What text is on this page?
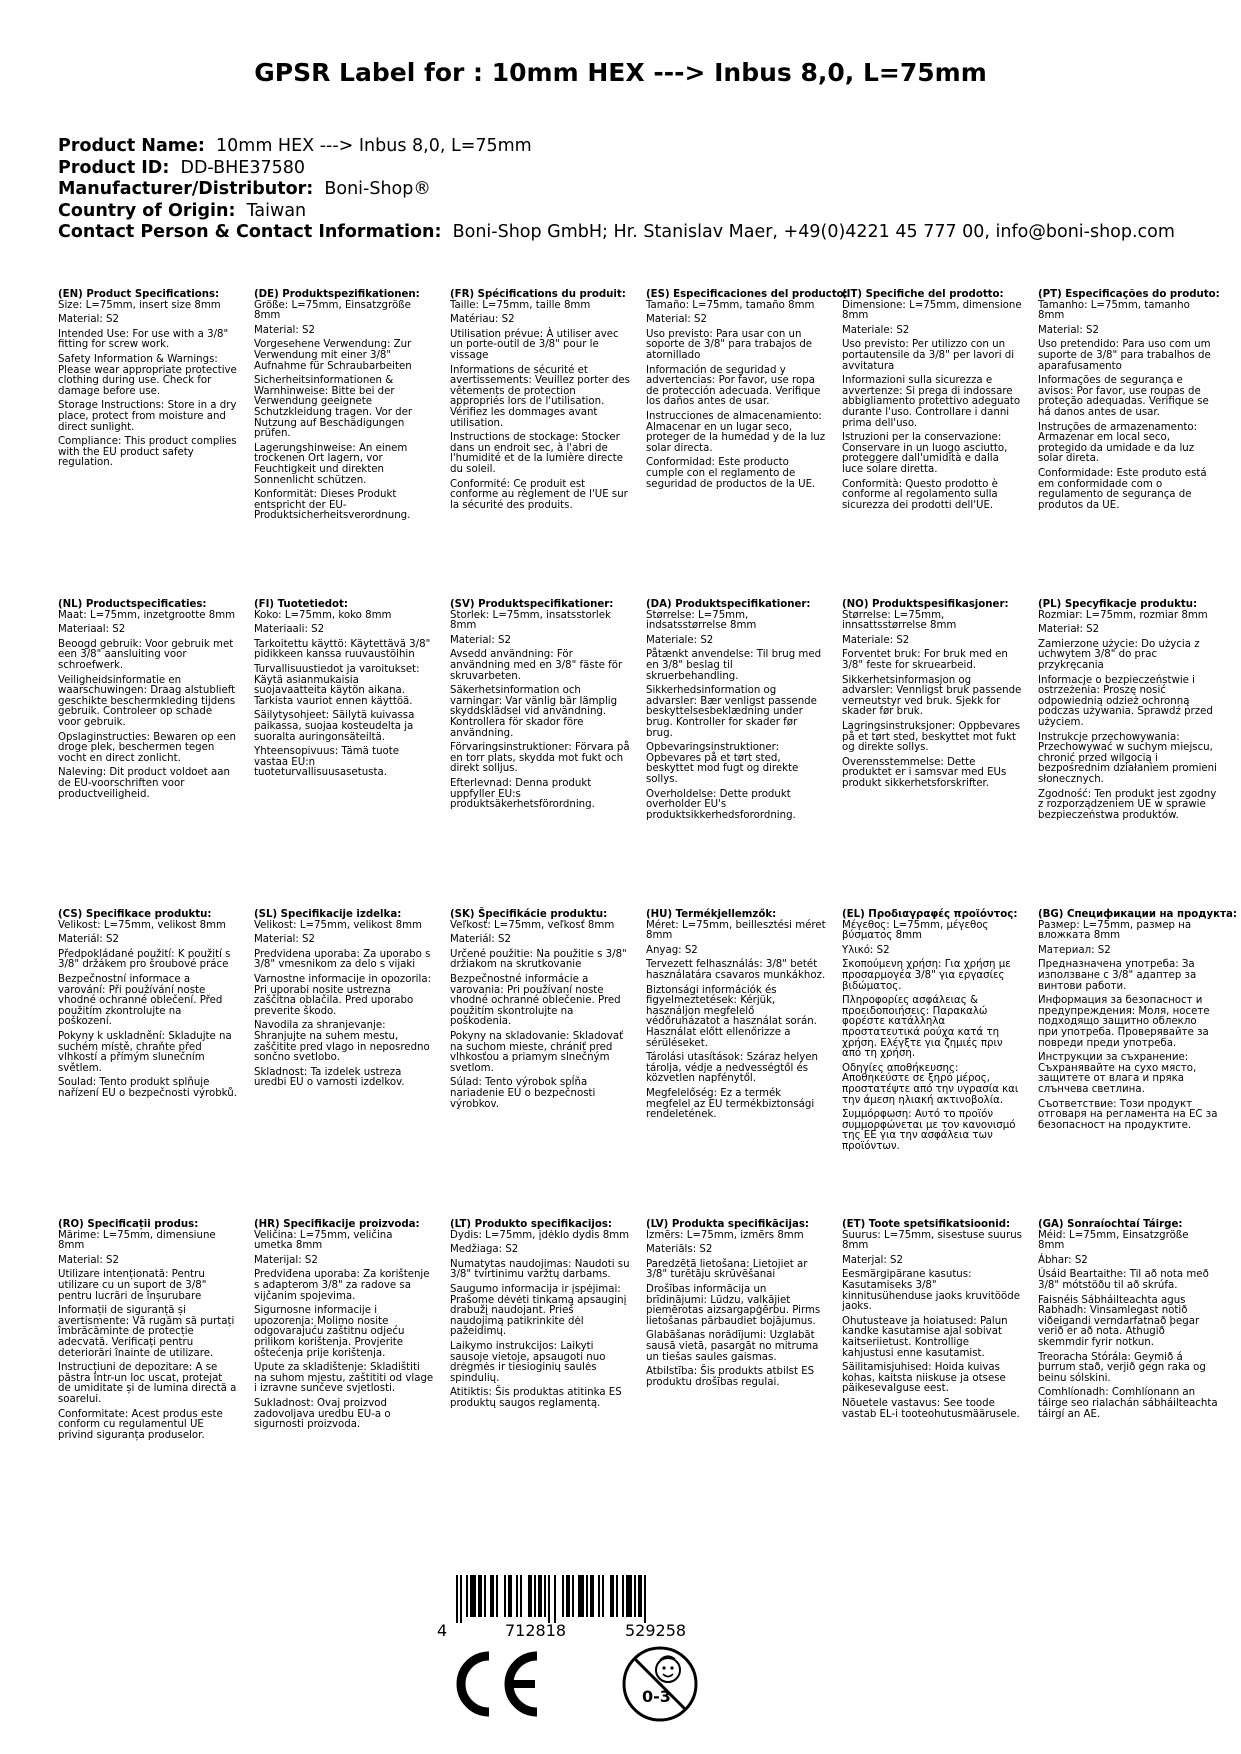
GPSR Label for : 10mm HEX ---> Inbus 8,0, L=75mm
Product Name: 10mm HEX ---> Inbus 8,0, L=75mm
Product ID: DD-BHE37580
Manufacturer/Distributor: Boni-Shop®
Country of Origin: Taiwan
Contact Person & Contact Information: Boni-Shop GmbH; Hr. Stanislav Maer, +49(0)4221 45 777 00, info@boni-shop.com
(EN) Product Specifications:
Size: L=75mm, insert size 8mm
Material: S2
Intended Use: For use with a 3/8" fitting for screw work.
Safety Information & Warnings: Please wear appropriate protective clothing during use. Check for damage before use.
Storage Instructions: Store in a dry place, protect from moisture and direct sunlight.
Compliance: This product complies with the EU product safety regulation.
(DE) Produktspezifikationen:
Größe: L=75mm, Einsatzgröße 8mm
Material: S2
Vorgesehene Verwendung: Zur Verwendung mit einer 3/8" Aufnahme für Schraubarbeiten
Sicherheitsinformationen & Warnhinweise: Bitte bei der Verwendung geeignete Schutzkleidung tragen. Vor der Nutzung auf Beschädigungen prüfen.
Lagerungshinweise: An einem trockenen Ort lagern, vor Feuchtigkeit und direkten Sonnenlicht schützen.
Konformität: Dieses Produkt entspricht der EU-Produktsicherheitsverordnung.
(FR) Spécifications du produit:
Taille: L=75mm, taille 8mm
Matériau: S2
Utilisation prévue: À utiliser avec un porte-outil de 3/8" pour le vissage
Informations de sécurité et avertissements: Veuillez porter des vêtements de protection appropriés lors de l'utilisation. Vérifiez les dommages avant utilisation.
Instructions de stockage: Stocker dans un endroit sec, à l'abri de l'humidité et de la lumière directe du soleil.
Conformité: Ce produit est conforme au règlement de l'UE sur la sécurité des produits.
(ES) Especificaciones del producto:
Tamaño: L=75mm, tamaño 8mm
Material: S2
Uso previsto: Para usar con un soporte de 3/8" para trabajos de atornillado
Información de seguridad y advertencias: Por favor, use ropa de protección adecuada. Verifique los daños antes de usar.
Instrucciones de almacenamiento: Almacenar en un lugar seco, proteger de la humedad y de la luz solar directa.
Conformidad: Este producto cumple con el reglamento de seguridad de productos de la UE.
(IT) Specifiche del prodotto:
Dimensione: L=75mm, dimensione 8mm
Materiale: S2
Uso previsto: Per utilizzo con un portautensile da 3/8" per lavori di avvitatura
Informazioni sulla sicurezza e avvertenze: Si prega di indossare abbigliamento protettivo adeguato durante l'uso. Controllare i danni prima dell'uso.
Istruzioni per la conservazione: Conservare in un luogo asciutto, proteggere dall'umidità e dalla luce solare diretta.
Conformità: Questo prodotto è conforme al regolamento sulla sicurezza dei prodotti dell'UE.
(PT) Especificações do produto:
Tamanho: L=75mm, tamanho 8mm
Material: S2
Uso pretendido: Para uso com um suporte de 3/8" para trabalhos de aparafusamento
Informações de segurança e avisos: Por favor, use roupas de proteção adequadas. Verifique se há danos antes de usar.
Instruções de armazenamento: Armazenar em local seco, protegido da umidade e da luz solar direta.
Conformidade: Este produto está em conformidade com o regulamento de segurança de produtos da UE.
(NL) Productspecificaties:
Maat: L=75mm, inzetgrootte 8mm
Materiaal: S2
Beoogd gebruik: Voor gebruik met een 3/8" aansluiting voor schroefwerk.
Veiligheidsinformatie en waarschuwingen: Draag alstublieft geschikte beschermkleding tijdens gebruik. Controleer op schade voor gebruik.
Opslaginstructies: Bewaren op een droge plek, beschermen tegen vocht en direct zonlicht.
Naleving: Dit product voldoet aan de EU-voorschriften voor productveiligheid.
(FI) Tuotetiedot:
Koko: L=75mm, koko 8mm
Materiaali: S2
Tarkoitettu käyttö: Käytettävä 3/8" pidikkeen kanssa ruuvaustöihin
Turvallisuustiedot ja varoitukset: Käytä asianmukaisia suojavaatteita käytön aikana. Tarkista vauriot ennen käyttöä.
Säilytysohjeet: Säilytä kuivassa paikassa, suojaa kosteudelta ja suoralta auringonsäteiltä.
Yhteensopivuus: Tämä tuote vastaa EU:n tuoteturvallisuusasetusta.
(SV) Produktspecifikationer:
Storlek: L=75mm, insatsstorlek 8mm
Material: S2
Avsedd användning: För användning med en 3/8" fäste för skruvarbeten.
Säkerhetsinformation och varningar: Var vänlig bär lämplig skyddsklädsel vid användning. Kontrollera för skador före användning.
Förvaringsinstruktioner: Förvara på en torr plats, skydda mot fukt och direkt solljus.
Efterlevnad: Denna produkt uppfyller EU:s produktsäkerhetsförordning.
(DA) Produktspecifikationer:
Størrelse: L=75mm, indsatsstørrelse 8mm
Materiale: S2
Påtænkt anvendelse: Til brug med en 3/8" beslag til skruerbehandling.
Sikkerhedsinformation og advarsler: Bær venligst passende beskyttelsesbeklædning under brug. Kontroller for skader før brug.
Opbevaringsinstruktioner: Opbevares på et tørt sted, beskyttet mod fugt og direkte sollys.
Overholdelse: Dette produkt overholder EU's produktsikkerhedsforordning.
(NO) Produktspesifikasjoner:
Størrelse: L=75mm, innsattsstørrelse 8mm
Materiale: S2
Forventet bruk: For bruk med en 3/8" feste for skruearbeid.
Sikkerhetsinformasjon og advarsler: Vennligst bruk passende verneutstyr ved bruk. Sjekk for skader før bruk.
Lagringsinstruksjoner: Oppbevares på et tørt sted, beskyttet mot fukt og direkte sollys.
Overensstemmelse: Dette produktet er i samsvar med EUs produkt sikkerhetsforskrifter.
(PL) Specyfikacje produktu:
Rozmiar: L=75mm, rozmiar 8mm
Materiał: S2
Zamierzone użycie: Do użycia z uchwytem 3/8" do prac przykręcania
Informacje o bezpieczeństwie i ostrzeżenia: Proszę nosić odpowiednią odzież ochronną podczas używania. Sprawdź przed użyciem.
Instrukcje przechowywania: Przechowywać w suchym miejscu, chronić przed wilgocią i bezpośrednim działaniem promieni słonecznych.
Zgodność: Ten produkt jest zgodny z rozporządzeniem UE w sprawie bezpieczeństwa produktów.
(CS) Specifikace produktu:
Velikost: L=75mm, velikost 8mm
Materiál: S2
Předpokládané použití: K použití s 3/8" držákem pro šroubové práce
Bezpečnostní informace a varování: Při používání noste vhodné ochranné oblečení. Před použitím zkontrolujte na poškození.
Pokyny k uskladnění: Skladujte na suchém místě, chraňte před vlhkostí a přímým slunečním světlem.
Soulad: Tento produkt splňuje nařízení EU o bezpečnosti výrobků.
(SL) Specifikacije izdelka:
Velikost: L=75mm, velikost 8mm
Material: S2
Predvidena uporaba: Za uporabo s 3/8" vmesnikom za delo s vijaki
Varnostne informacije in opozorila: Pri uporabi nosite ustrezna zaščitna oblačila. Pred uporabo preverite škodo.
Navodila za shranjevanje: Shranjujte na suhem mestu, zaščitite pred vlago in neposredno sončno svetlobo.
Skladnost: Ta izdelek ustreza uredbi EU o varnosti izdelkov.
(SK) Špecifikácie produktu:
Veľkosť: L=75mm, veľkosť 8mm
Materiál: S2
Určené použitie: Na použitie s 3/8" držiakom na skrutkovanie
Bezpečnostné informácie a varovania: Pri používaní noste vhodné ochranné oblečenie. Pred použitím skontrolujte na poškodenia.
Pokyny na skladovanie: Skladovať na suchom mieste, chrániť pred vlhkosťou a priamym slnečným svetlom.
Súlad: Tento výrobok spĺňa nariadenie EÚ o bezpečnosti výrobkov.
(HU) Termékjellemzők:
Méret: L=75mm, beillesztési méret 8mm
Anyag: S2
Tervezett felhasználás: 3/8" betét használatára csavaros munkákhoz.
Biztonsági információk és figyelmeztetések: Kérjük, használjon megfelelő védőruházatot a használat során. Használat előtt ellenőrizze a sérüléseket.
Tárolási utasítások: Száraz helyen tárolja, védje a nedvességtől és közvetlen napfénytől.
Megfelelőség: Ez a termék megfelel az EU termékbiztonsági rendeletének.
(EL) Προδιαγραφές προϊόντος:
Μέγεθος: L=75mm, μέγεθος βύσματος 8mm
Υλικό: S2
Σκοπούμενη χρήση: Για χρήση με προσαρμογέα 3/8" για εργασίες βιδώματος.
Πληροφορίες ασφάλειας & προειδοποιήσεις: Παρακαλώ φορέστε κατάλληλα προστατευτικά ρούχα κατά τη χρήση. Ελέγξτε για ζημιές πριν από τη χρήση.
Οδηγίες αποθήκευσης: Αποθηκεύστε σε ξηρό μέρος, προστατέψτε από την υγρασία και την άμεση ηλιακή ακτινοβολία.
Συμμόρφωση: Αυτό το προϊόν συμμορφώνεται με τον κανονισμό της ΕΕ για την ασφάλεια των προϊόντων.
(BG) Спецификации на продукта:
Размер: L=75mm, размер на вложката 8mm
Материал: S2
Предназначена употреба: За използване с 3/8" адаптер за винтови работи.
Информация за безопасност и предупреждения: Моля, носете подходящо защитно облекло при употреба. Проверявайте за повреди преди употреба.
Инструкции за съхранение: Съхранявайте на сухо място, защитете от влага и пряка слънчева светлина.
Съответствие: Този продукт отговаря на регламента на ЕС за безопасност на продуктите.
(RO) Specificații produs:
Mărime: L=75mm, dimensiune 8mm
Material: S2
Utilizare intenționată: Pentru utilizare cu un suport de 3/8" pentru lucrări de înșurubare
Informații de siguranță și avertismente: Vă rugăm să purtați îmbrăcăminte de protecție adecvată. Verificați pentru deteriorări înainte de utilizare.
Instrucțiuni de depozitare: A se păstra într-un loc uscat, protejat de umiditate și de lumina directă a soarelui.
Conformitate: Acest produs este conform cu regulamentul UE privind siguranța produselor.
(HR) Specifikacije proizvoda:
Veličina: L=75mm, veličina umetka 8mm
Materijal: S2
Predviđena uporaba: Za korištenje s adapterom 3/8" za radove sa vijčanim spojevima.
Sigurnosne informacije i upozorenja: Molimo nosite odgovarajuću zaštitnu odjeću prilikom korištenja. Provjerite oštećenja prije korištenja.
Upute za skladištenje: Skladištiti na suhom mjestu, zaštititi od vlage i izravne sunčeve svjetlosti.
Sukladnost: Ovaj proizvod zadovoljava uredbu EU-a o sigurnosti proizvoda.
(LT) Produkto specifikacijos:
Dydis: L=75mm, įdėklo dydis 8mm
Medžiaga: S2
Numatytas naudojimas: Naudoti su 3/8" tvirtinimu varžtų darbams.
Saugumo informacija ir įspėjimai: Prašome dėvėti tinkamą apsauginį drabužį naudojant. Prieš naudojimą patikrinkite dėl pažeidimų.
Laikymo instrukcijos: Laikyti sausoje vietoje, apsaugoti nuo drėgmės ir tiesioginių saulės spindulių.
Atitiktis: Šis produktas atitinka ES produktų saugos reglamentą.
(LV) Produkta specifikācijas:
Izmērs: L=75mm, izmērs 8mm
Materiāls: S2
Paredzētā lietošana: Lietojiet ar 3/8" turētāju skrūvēšanai
Drošības informācija un brīdinājumi: Lūdzu, valkājiet piemērotas aizsargapģērbu. Pirms lietošanas pārbaudiet bojājumus.
Glabāšanas norādījumi: Uzglabāt sausā vietā, pasargāt no mitruma un tiešas saules gaismas.
Atbilstība: Šis produkts atbilst ES produktu drošības regulai.
(ET) Toote spetsifikatsioonid:
Suurus: L=75mm, sisestuse suurus 8mm
Materjal: S2
Eesmärgipärane kasutus: Kasutamiseks 3/8" kinnitusühenduse jaoks kruvitööde jaoks.
Ohutusteave ja hoiatused: Palun kandke kasutamise ajal sobivat kaitseriietust. Kontrollige kahjustusi enne kasutamist.
Säilitamisjuhised: Hoida kuivas kohas, kaitsta niiskuse ja otsese päikesevalguse eest.
Nõuetele vastavus: See toode vastab EL-i tooteohutusmäärusele.
(GA) Sonraíochtaí Táirge:
Méid: L=75mm, Einsatzgröße 8mm
Ábhar: S2
Úsáid Beartaithe: Til að nota með 3/8" mótstöðu til að skrúfa.
Faisnéis Sábháilteachta agus Rabhadh: Vinsamlegast notið viðeigandi verndarfatnað þegar verið er að nota. Athugið skemmdir fyrir notkun.
Treoracha Stórála: Geymið á þurrum stað, verjið gegn raka og beinu sólskini.
Comhlíonadh: Comhlíonann an táirge seo rialachán sábháilteachta táirgí an AE.
4	712818	529258
0-3
